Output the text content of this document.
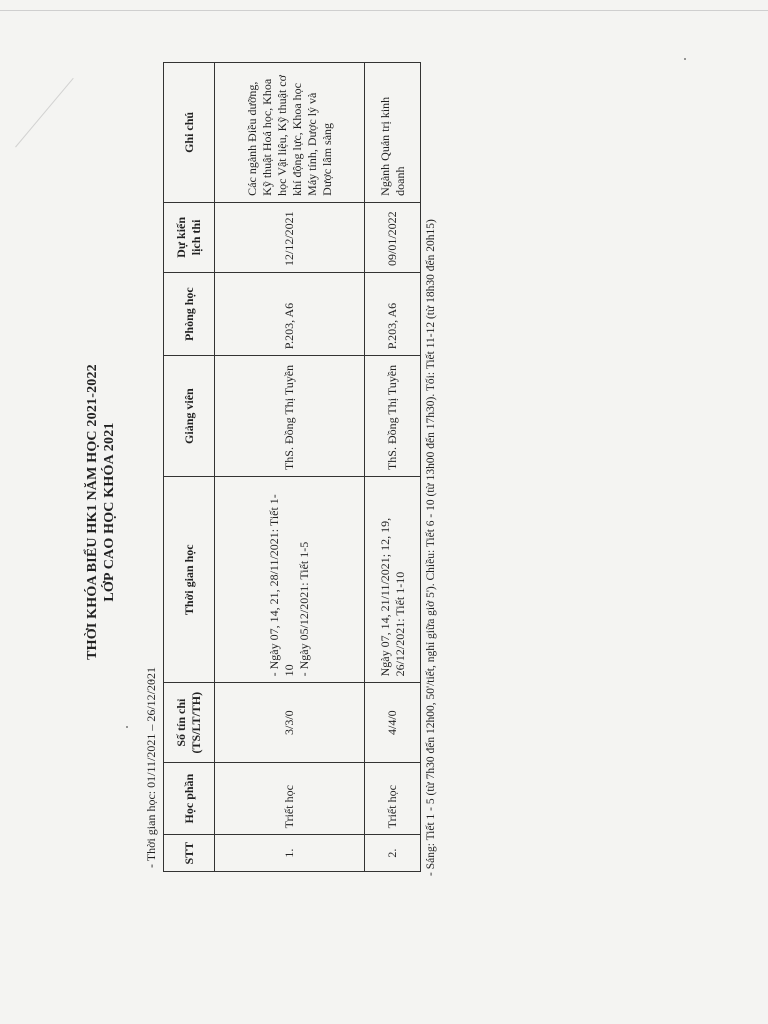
THỜI KHÓA BIỂU HK1 NĂM HỌC 2021-2022 LỚP CAO HỌC KHÓA 2021
- Thời gian học: 01/11/2021 – 26/12/2021 STT	Học phần	Số tín chỉ (TS/LT/TH)	Thời gian học	Giảng viên	Phòng học	Dự kiến lịch thi	Ghi chú
1.	Triết học	3/3/0	- Ngày 07, 14, 21, 28/11/2021: Tiết 1-10 - Ngày 05/12/2021: Tiết 1-5	ThS. Đồng Thị Tuyền	P.203, A6	12/12/2021	Các ngành Điều dưỡng, Kỹ thuật Hoá học, Khoa học Vật liệu, Kỹ thuật cơ khí động lực, Khoa học Máy tính, Dược lý và Dược lâm sàng
2.	Triết học	4/4/0	Ngày 07, 14, 21/11/2021; 12, 19, 26/12/2021: Tiết 1-10	ThS. Đồng Thị Tuyền	P.203, A6	09/01/2022	Ngành Quản trị kinh doanh
- Sáng: Tiết 1 - 5 (từ 7h30 đến 12h00, 50'/tiết, nghỉ giữa giờ 5'). Chiều: Tiết 6 - 10 (từ 13h00 đến 17h30). Tối: Tiết 11-12 (từ 18h30 đến 20h15)
